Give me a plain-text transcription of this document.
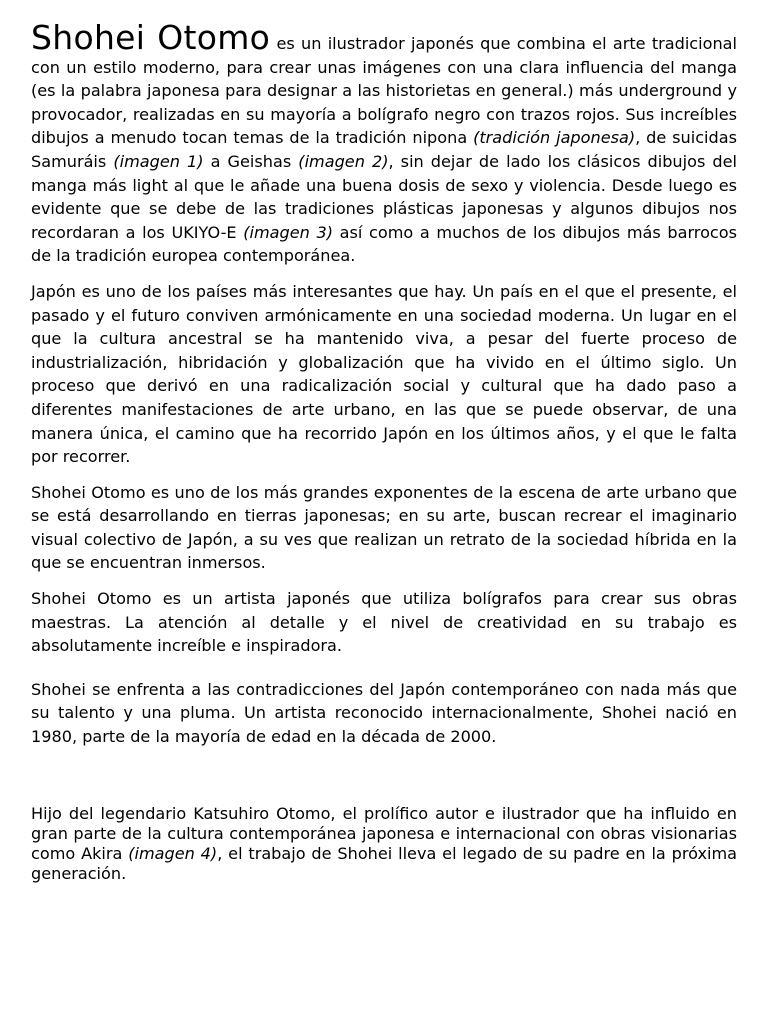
Shohei Otomo es un ilustrador japonés que combina el arte tradicional con un estilo moderno, para crear unas imágenes con una clara influencia del manga (es la palabra japonesa para designar a las historietas en general.) más underground y provocador, realizadas en su mayoría a bolígrafo negro con trazos rojos. Sus increíbles dibujos a menudo tocan temas de la tradición nipona (tradición japonesa), de suicidas Samuráis (imagen 1) a Geishas (imagen 2), sin dejar de lado los clásicos dibujos del manga más light al que le añade una buena dosis de sexo y violencia. Desde luego es evidente que se debe de las tradiciones plásticas japonesas y algunos dibujos nos recordaran a los UKIYO-E (imagen 3) así como a muchos de los dibujos más barrocos de la tradición europea contemporánea.

Japón es uno de los países más interesantes que hay. Un país en el que el presente, el pasado y el futuro conviven armónicamente en una sociedad moderna. Un lugar en el que la cultura ancestral se ha mantenido viva, a pesar del fuerte proceso de industrialización, hibridación y globalización que ha vivido en el último siglo. Un proceso que derivó en una radicalización social y cultural que ha dado paso a diferentes manifestaciones de arte urbano, en las que se puede observar, de una manera única, el camino que ha recorrido Japón en los últimos años, y el que le falta por recorrer.

Shohei Otomo es uno de los más grandes exponentes de la escena de arte urbano que se está desarrollando en tierras japonesas; en su arte, buscan recrear el imaginario visual colectivo de Japón, a su ves que realizan un retrato de la sociedad híbrida en la que se encuentran inmersos.

Shohei Otomo es un artista japonés que utiliza bolígrafos para crear sus obras maestras. La atención al detalle y el nivel de creatividad en su trabajo es absolutamente increíble e inspiradora.

Shohei se enfrenta a las contradicciones del Japón contemporáneo con nada más que su talento y una pluma. Un artista reconocido internacionalmente, Shohei nació en 1980, parte de la mayoría de edad en la década de 2000.

Hijo del legendario Katsuhiro Otomo, el prolífico autor e ilustrador que ha influido en gran parte de la cultura contemporánea japonesa e internacional con obras visionarias como Akira (imagen 4), el trabajo de Shohei lleva el legado de su padre en la próxima generación.
